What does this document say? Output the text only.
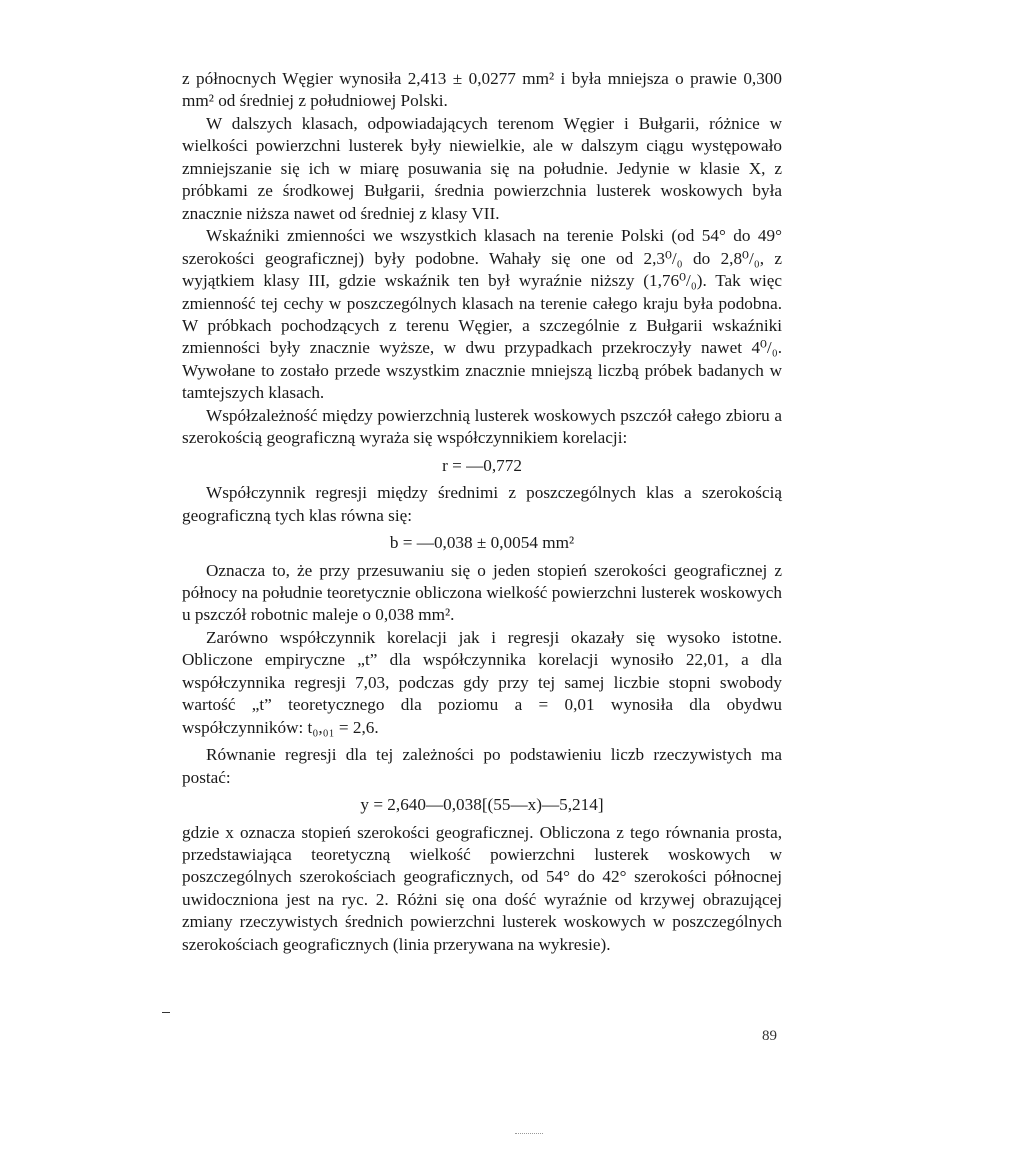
z północnych Węgier wynosiła 2,413 ± 0,0277 mm² i była mniejsza o prawie 0,300 mm² od średniej z południowej Polski.

W dalszych klasach, odpowiadających terenom Węgier i Bułgarii, różnice w wielkości powierzchni lusterek były niewielkie, ale w dalszym ciągu występowało zmniejszanie się ich w miarę posuwania się na południe. Jedynie w klasie X, z próbkami ze środkowej Bułgarii, średnia powierzchnia lusterek woskowych była znacznie niższa nawet od średniej z klasy VII.

Wskaźniki zmienności we wszystkich klasach na terenie Polski (od 54° do 49° szerokości geograficznej) były podobne. Wahały się one od 2,3⁰/₀ do 2,8⁰/₀, z wyjątkiem klasy III, gdzie wskaźnik ten był wyraźnie niższy (1,76⁰/₀). Tak więc zmienność tej cechy w poszczególnych klasach na terenie całego kraju była podobna. W próbkach pochodzących z terenu Węgier, a szczególnie z Bułgarii wskaźniki zmienności były znacznie wyższe, w dwu przypadkach przekroczyły nawet 4⁰/₀. Wywołane to zostało przede wszystkim znacznie mniejszą liczbą próbek badanych w tamtejszych klasach.

Współzależność między powierzchnią lusterek woskowych pszczół całego zbioru a szerokością geograficzną wyraża się współczynnikiem korelacji:

r = —0,772

Współczynnik regresji między średnimi z poszczególnych klas a szerokością geograficzną tych klas równa się:

b = —0,038 ± 0,0054 mm²

Oznacza to, że przy przesuwaniu się o jeden stopień szerokości geograficznej z północy na południe teoretycznie obliczona wielkość powierzchni lusterek woskowych u pszczół robotnic maleje o 0,038 mm².

Zarówno współczynnik korelacji jak i regresji okazały się wysoko istotne. Obliczone empiryczne „t” dla współczynnika korelacji wynosiło 22,01, a dla współczynnika regresji 7,03, podczas gdy przy tej samej liczbie stopni swobody wartość „t” teoretycznego dla poziomu a = 0,01 wynosiła dla obydwu współczynników: t₀,₀₁ = 2,6.

Równanie regresji dla tej zależności po podstawieniu liczb rzeczywistych ma postać:

y = 2,640—0,038[(55—x)—5,214]

gdzie x oznacza stopień szerokości geograficznej. Obliczona z tego równania prosta, przedstawiająca teoretyczną wielkość powierzchni lusterek woskowych w poszczególnych szerokościach geograficznych, od 54° do 42° szerokości północnej uwidoczniona jest na ryc. 2. Różni się ona dość wyraźnie od krzywej obrazującej zmiany rzeczywistych średnich powierzchni lusterek woskowych w poszczególnych szerokościach geograficznych (linia przerywana na wykresie).

89
